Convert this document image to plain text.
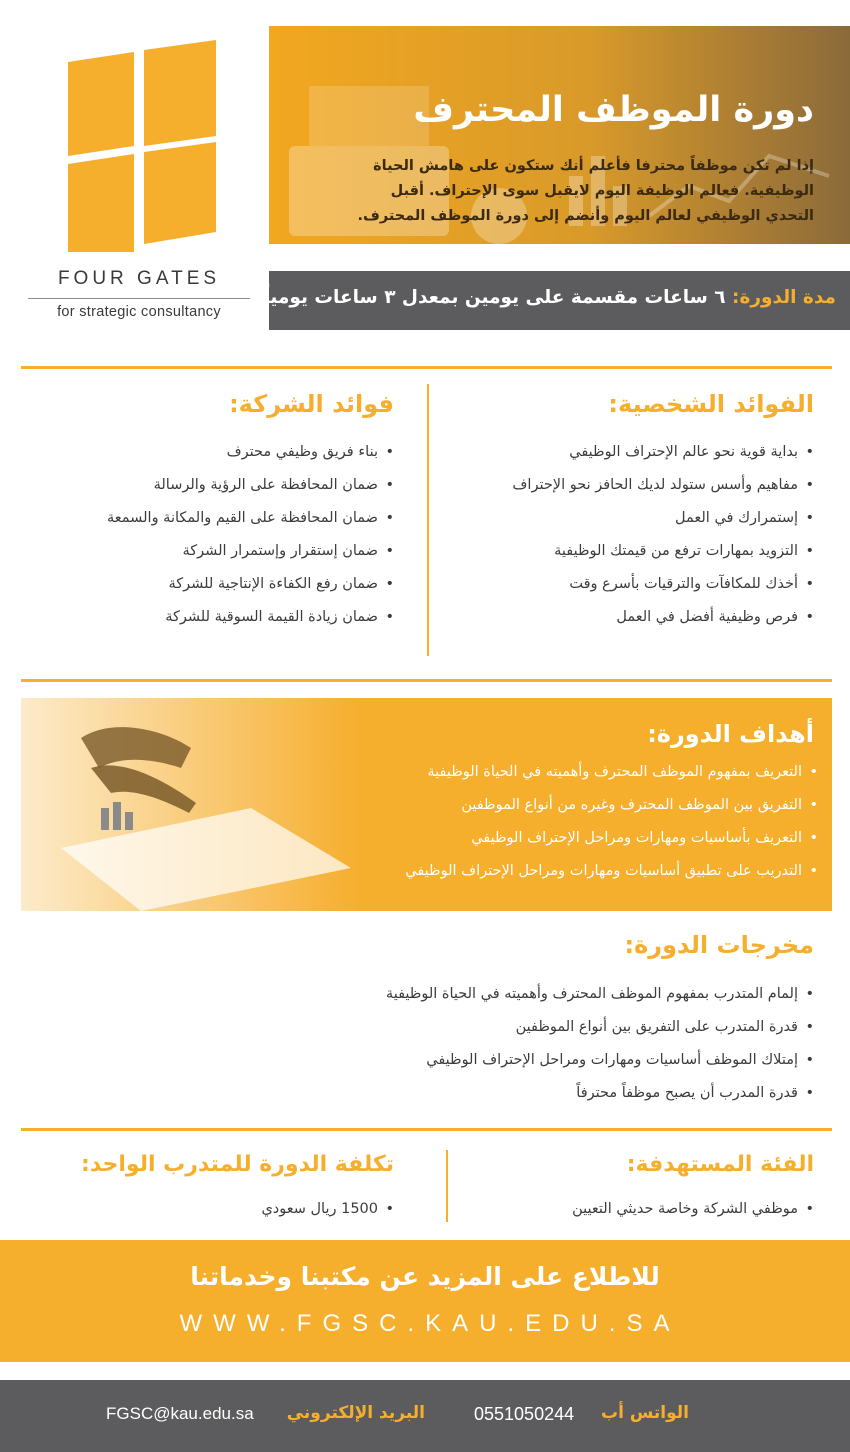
FOUR GATES
for strategic consultancy
دورة الموظف المحترف
إذا لم تكن موظفاً محترفا فأعلم أنك ستكون على هامش الحياة
الوظيفية. فعالم الوظيفة اليوم لايقبل سوى الإحتراف. أقبل
التحدي الوظيفي لعالم اليوم وأنضم إلى دورة الموظف المحترف.
مدة الدورة: ٦ ساعات مقسمة على يومين بمعدل ٣ ساعات يومياً
الفوائد الشخصية:
• بداية قوية نحو عالم الإحتراف الوظيفي
• مفاهيم وأسس ستولد لديك الحافز نحو الإحتراف
• إستمرارك في العمل
• التزويد بمهارات ترفع من قيمتك الوظيفية
• أخذك للمكافآت والترقيات بأسرع وقت
• فرص وظيفية أفضل في العمل
فوائد الشركة:
• بناء فريق وظيفي محترف
• ضمان المحافظة على الرؤية والرسالة
• ضمان المحافظة على القيم والمكانة والسمعة
• ضمان إستقرار وإستمرار الشركة
• ضمان رفع الكفاءة الإنتاجية للشركة
• ضمان زيادة القيمة السوقية للشركة
أهداف الدورة:
• التعريف بمفهوم الموظف المحترف وأهميته في الحياة الوظيفية
• التفريق بين الموظف المحترف وغيره من أنواع الموظفين
• التعريف بأساسيات ومهارات ومراحل الإحتراف الوظيفي
• التدريب على تطبيق أساسيات ومهارات ومراحل الإحتراف الوظيفي
مخرجات الدورة:
• إلمام المتدرب بمفهوم الموظف المحترف وأهميته في الحياة الوظيفية
• قدرة المتدرب على التفريق بين أنواع الموظفين
• إمتلاك الموظف أساسيات ومهارات ومراحل الإحتراف الوظيفي
• قدرة المدرب أن يصبح موظفاً محترفاً
الفئة المستهدفة:
• موظفي الشركة وخاصة حديثي التعيين
تكلفة الدورة للمتدرب الواحد:
• 1500 ريال سعودي
للاطلاع على المزيد عن مكتبنا وخدماتنا
WWW.FGSC.KAU.EDU.SA
الواتس أب
0551050244
البريد الإلكتروني
FGSC@kau.edu.sa
